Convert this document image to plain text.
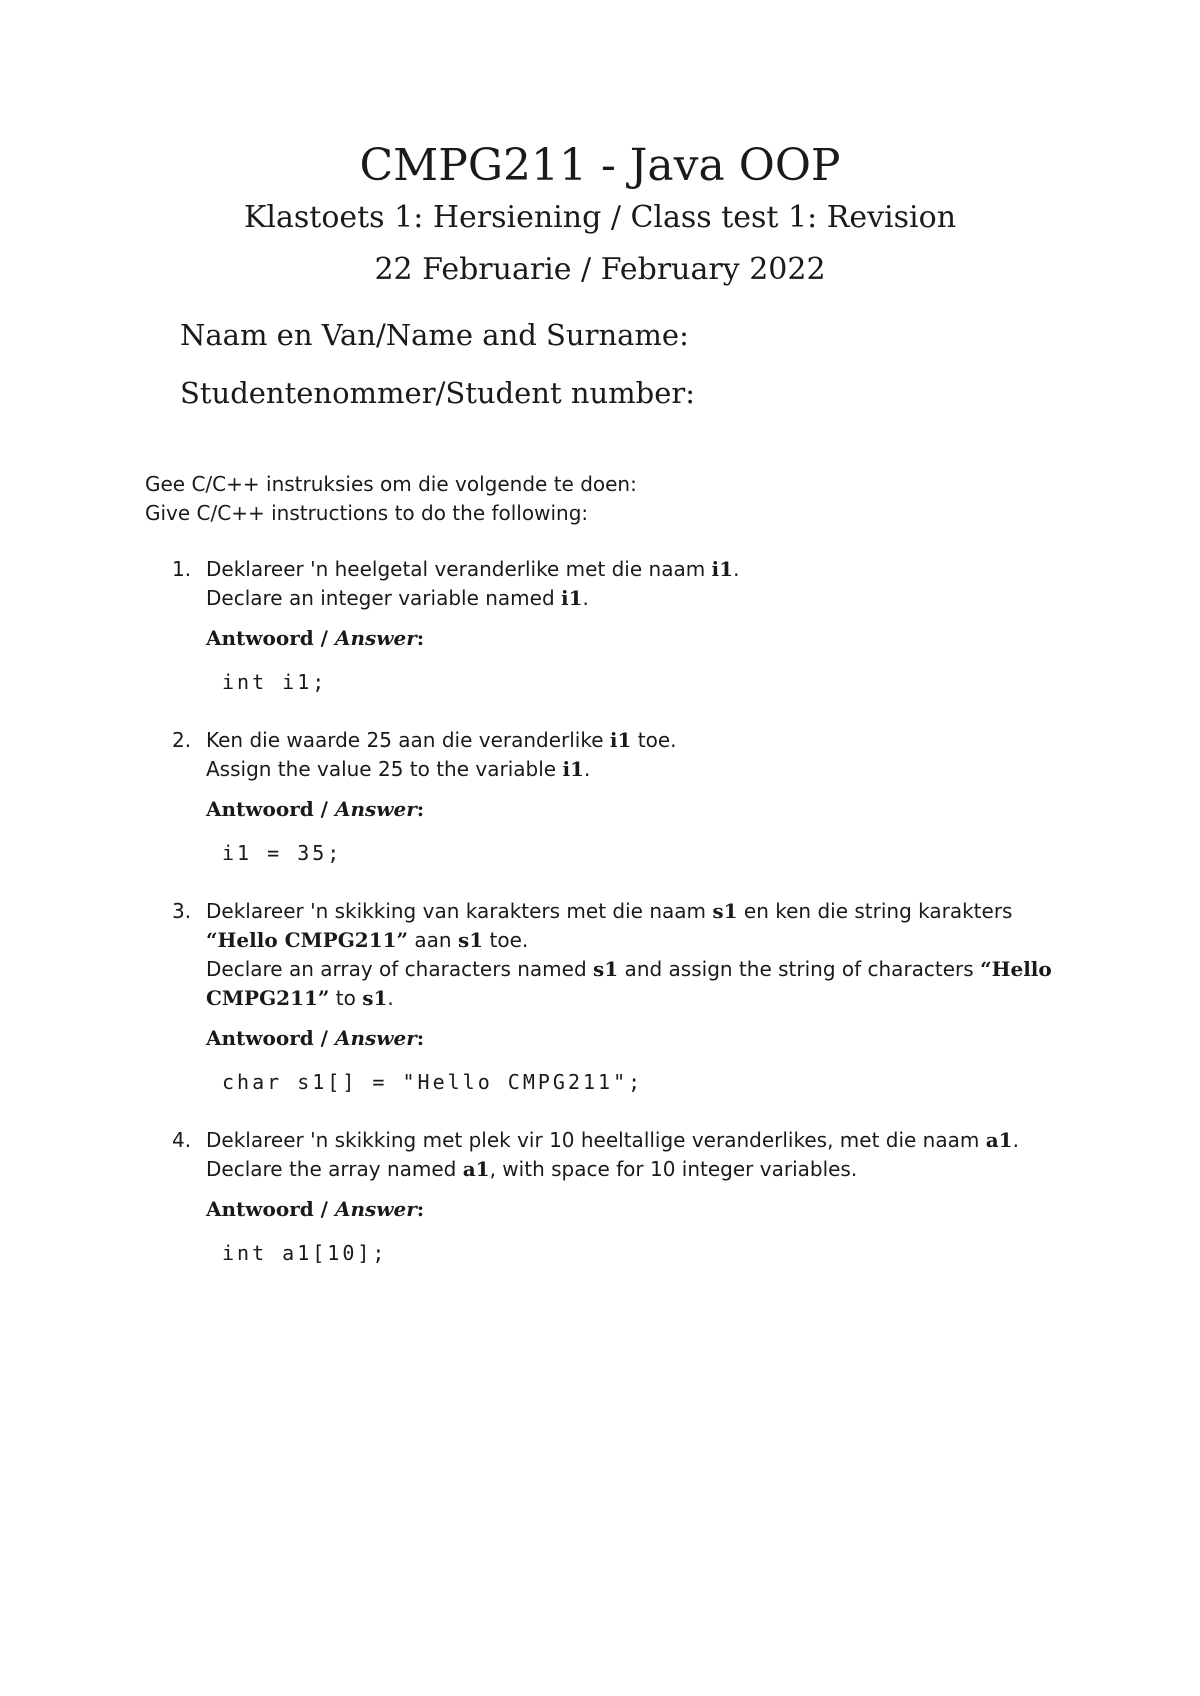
CMPG211 - Java OOP
Klastoets 1: Hersiening / Class test 1: Revision
22 Februarie / February 2022
Naam en Van/Name and Surname:
Studentenommer/Student number:
Gee C/C++ instruksies om die volgende te doen:
Give C/C++ instructions to do the following:
1. Deklareer 'n heelgetal veranderlike met die naam i1.
Declare an integer variable named i1.
Antwoord / Answer:
int i1;
2. Ken die waarde 25 aan die veranderlike i1 toe.
Assign the value 25 to the variable i1.
Antwoord / Answer:
i1 = 35;
3. Deklareer 'n skikking van karakters met die naam s1 en ken die string karakters “Hello CMPG211” aan s1 toe.
Declare an array of characters named s1 and assign the string of characters “Hello CMPG211” to s1.
Antwoord / Answer:
char s1[] = "Hello CMPG211";
4. Deklareer 'n skikking met plek vir 10 heeltallige veranderlikes, met die naam a1.
Declare the array named a1, with space for 10 integer variables.
Antwoord / Answer:
int a1[10];
